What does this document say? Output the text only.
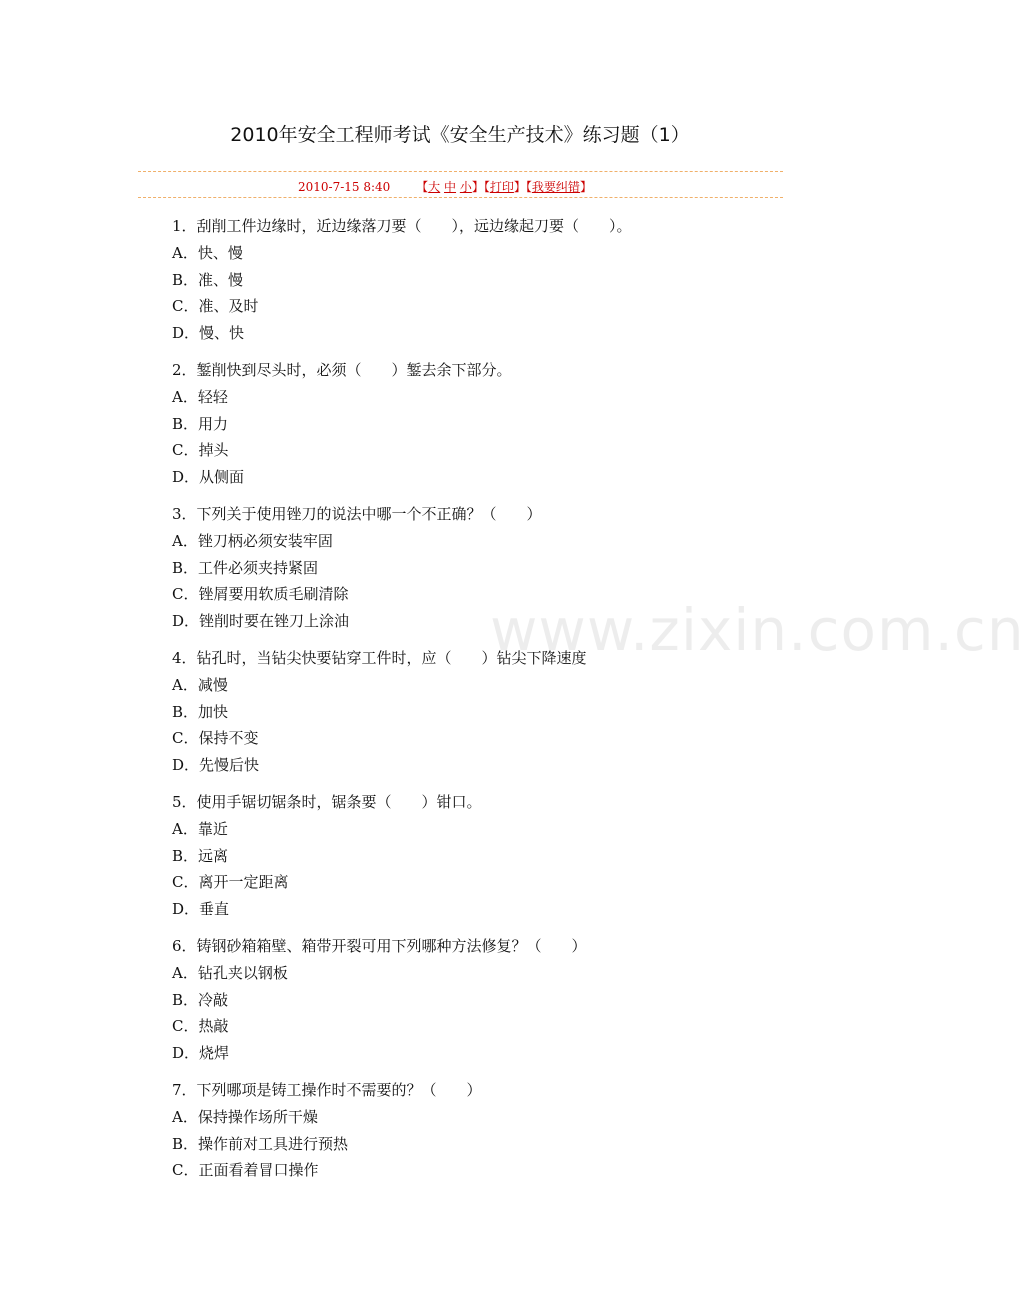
2010年安全工程师考试《安全生产技术》练习题（1）
2010-7-15 8:40 【大 中 小】【打印】【我要纠错】
www.zixin.com.cn
1．刮削工件边缘时，近边缘落刀要（　　），远边缘起刀要（　　）。
A．快、慢
B．准、慢
C．准、及时
D．慢、快
2．錾削快到尽头时，必须（　　）錾去余下部分。
A．轻轻
B．用力
C．掉头
D．从侧面
3．下列关于使用锉刀的说法中哪一个不正确？（　　）
A．锉刀柄必须安装牢固
B．工件必须夹持紧固
C．锉屑要用软质毛刷清除
D．锉削时要在锉刀上涂油
4．钻孔时，当钻尖快要钻穿工件时，应（　　）钻尖下降速度
A．减慢
B．加快
C．保持不变
D．先慢后快
5．使用手锯切锯条时，锯条要（　　）钳口。
A．靠近
B．远离
C．离开一定距离
D．垂直
6．铸钢砂箱箱壁、箱带开裂可用下列哪种方法修复？（　　）
A．钻孔夹以钢板
B．冷敲
C．热敲
D．烧焊
7．下列哪项是铸工操作时不需要的？（　　）
A．保持操作场所干燥
B．操作前对工具进行预热
C．正面看着冒口操作
